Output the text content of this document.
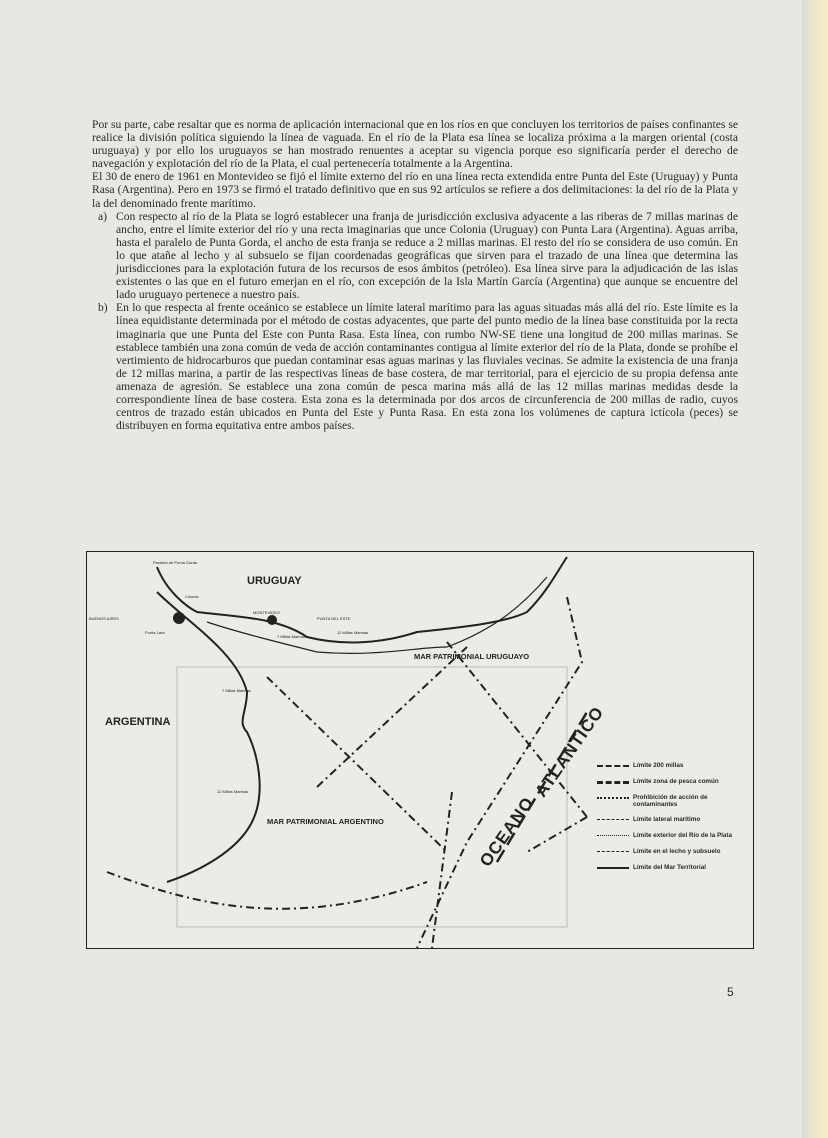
Por su parte, cabe resaltar que es norma de aplicación internacional que en los ríos en que concluyen los territorios de países confinantes se realice la división política siguiendo la línea de vaguada. En el río de la Plata esa línea se localiza próxima a la margen oriental (costa uruguaya) y por ello los uruguayos se han mostrado renuentes a aceptar su vigencia porque eso significaría perder el derecho de navegación y explotación del río de la Plata, el cual pertenecería totalmente a la Argentina.

El 30 de enero de 1961 en Montevideo se fijó el límite externo del río en una línea recta extendida entre Punta del Este (Uruguay) y Punta Rasa (Argentina). Pero en 1973 se firmó el tratado definitivo que en sus 92 artículos se refiere a dos delimitaciones: la del río de la Plata y la del denominado frente marítimo.

a) Con respecto al río de la Plata se logró establecer una franja de jurisdicción exclusiva adyacente a las riberas de 7 millas marinas de ancho, entre el límite exterior del río y una recta imaginarias que unce Colonia (Uruguay) con Punta Lara (Argentina). Aguas arriba, hasta el paralelo de Punta Gorda, el ancho de esta franja se reduce a 2 millas marinas. El resto del río se considera de uso común. En lo que atañe al lecho y al subsuelo se fijan coordenadas geográficas que sirven para el trazado de una línea que determina las jurisdicciones para la explotación futura de los recursos de esos ámbitos (petróleo). Esa línea sirve para la adjudicación de las islas existentes o las que en el futuro emerjan en el río, con excepción de la Isla Martín García (Argentina) que aunque se encuentre del lado uruguayo pertenece a nuestro país.
b) En lo que respecta al frente oceánico se establece un límite lateral marítimo para las aguas situadas más allá del río. Este límite es la línea equidistante determinada por el método de costas adyacentes, que parte del punto medio de la línea base constituida por la recta imaginaria que une Punta del Este con Punta Rasa. Esta línea, con rumbo NW-SE tiene una longitud de 200 millas marinas. Se establece también una zona común de veda de acción contaminantes contigua al límite exterior del río de la Plata, donde se prohíbe el vertimiento de hidrocarburos que puedan contaminar esas aguas marinas y las fluviales vecinas. Se admite la existencia de una franja de 12 millas marina, a partir de las respectivas líneas de base costera, de mar territorial, para el ejercicio de su propia defensa ante amenaza de agresión. Se establece una zona común de pesca marina más allá de las 12 millas marinas medidas desde la correspondiente línea de base costera. Esta zona es la determinada por dos arcos de circunferencia de 200 millas de radio, cuyos centros de trazado están ubicados en Punta del Este y Punta Rasa. En esta zona los volúmenes de captura ictícola (peces) se distribuyen en forma equitativa entre ambos países.
URUGUAY
ARGENTINA
MAR PATRIMONIAL URUGUAYO
MAR PATRIMONIAL ARGENTINO	OCEANO
ATLANTICO
BUENOS AIRES
Punta Lara
MONTEVIDEO
PUNTA DEL ESTE
Colonia
Paralelo de Punta Gorda
7 Millas Marinas
12 Millas Marinas
7 Millas Marinas
12 Millas Marinas
Límite 200 millas
Límite zona de pesca común
Prohibición de acción de contaminantes
Límite lateral marítimo
Límite exterior del Río de la Plata
Límite en el lecho y subsuelo
Límite del Mar Territorial
5
